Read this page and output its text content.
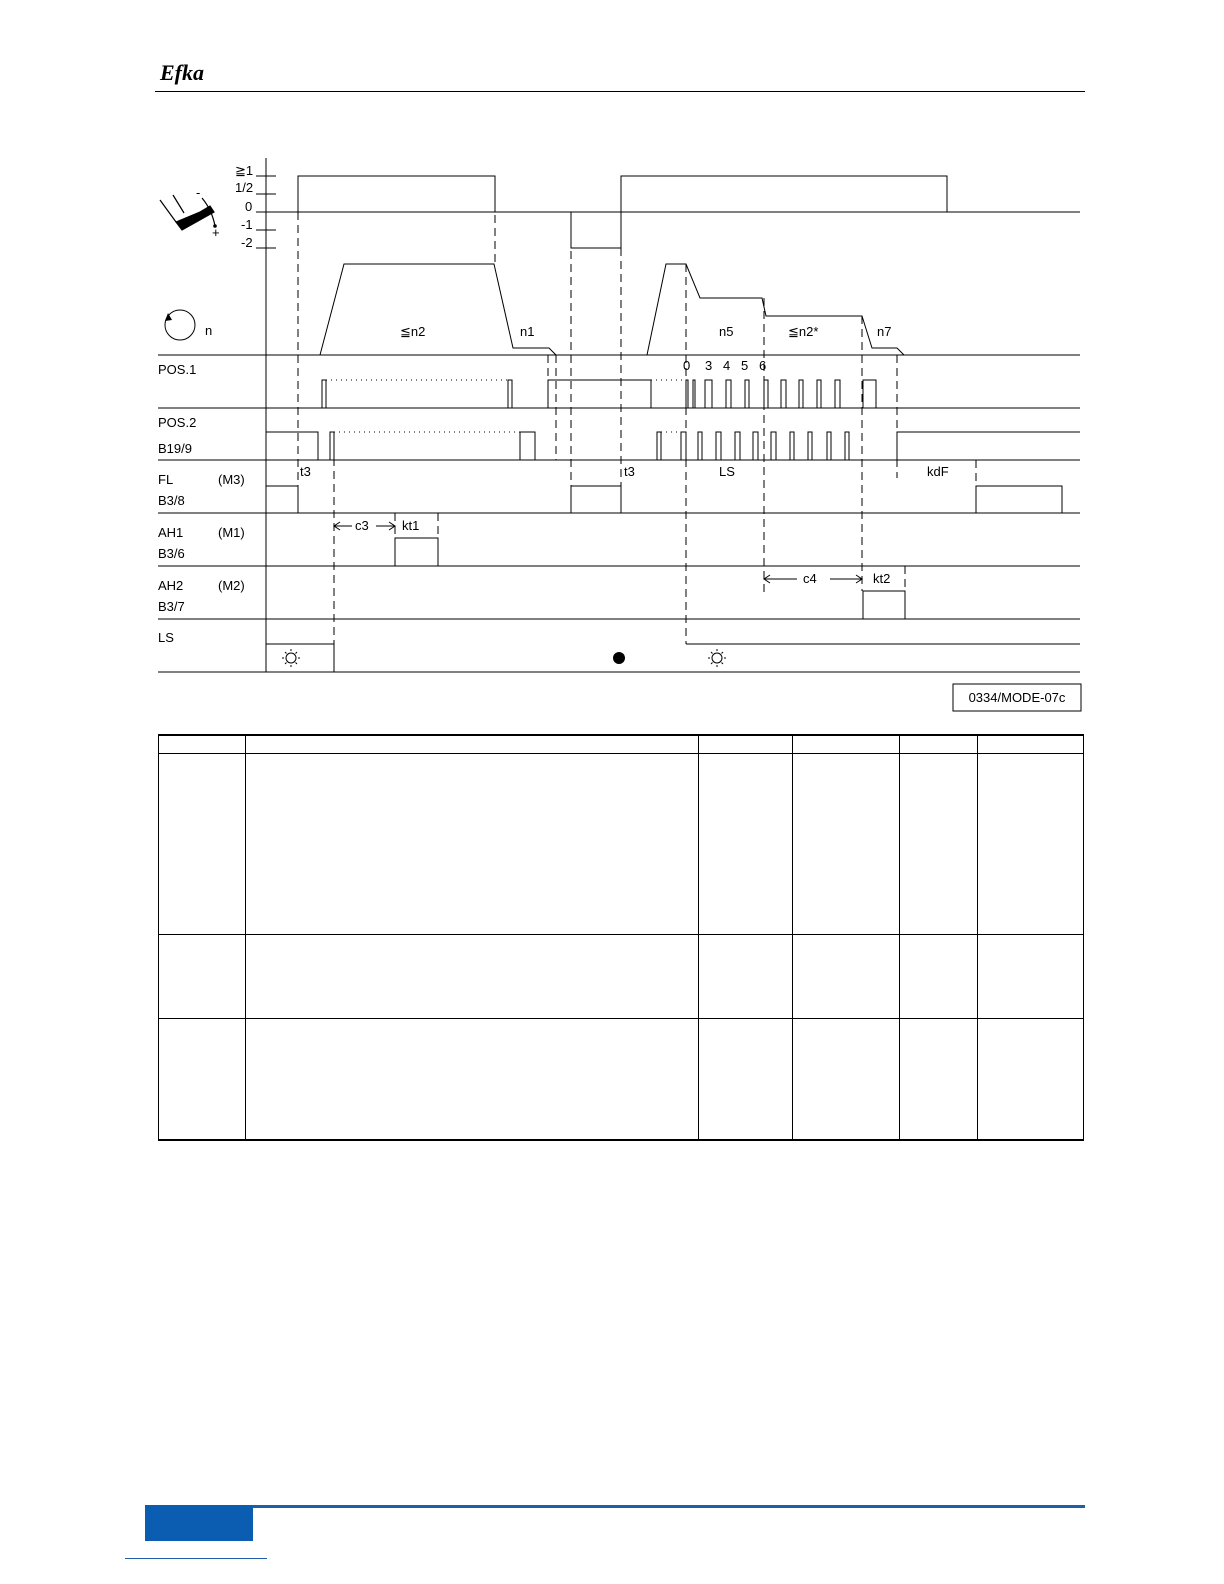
Efka
-
+
≧1
1/2
0
-1
-2
n	≦n2	n1	n5	≦n2*	n7
POS.1
POS.2
B19/9
FL	(M3)
B3/8
AH1	(M1)
B3/6
AH2	(M2)
B3/7
LS
0 3 4 5 6
t3	t3	LS	kdF
c3	kt1
c4	kt2
0334/MODE-07c
